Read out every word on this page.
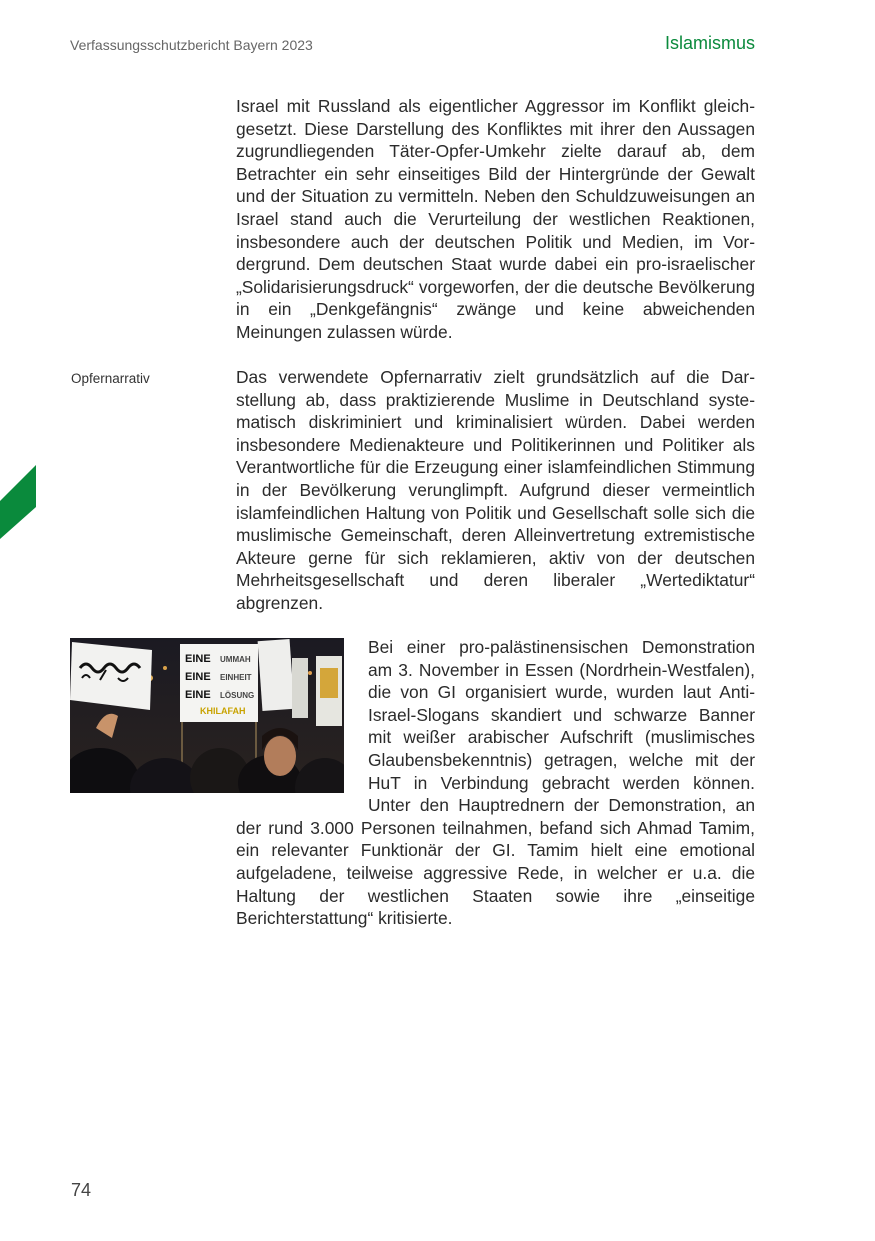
Verfassungsschutzbericht Bayern 2023	Islamismus

Israel mit Russland als eigentlicher Aggressor im Konflikt gleichgesetzt. Diese Darstellung des Konfliktes mit ihrer den Aussagen zugrundliegenden Täter-Opfer-Umkehr zielte darauf ab, dem Betrachter ein sehr einseitiges Bild der Hintergründe der Gewalt und der Situation zu vermitteln. Neben den Schuldzuweisungen an Israel stand auch die Verurteilung der westlichen Reaktionen, insbesondere auch der deutschen Politik und Medien, im Vordergrund. Dem deutschen Staat wurde dabei ein pro-israelischer „Solidarisierungsdruck“ vorgeworfen, der die deutsche Bevölkerung in ein „Denkgefängnis“ zwänge und keine abweichenden Meinungen zulassen würde.

Opfernarrativ	Das verwendete Opfernarrativ zielt grundsätzlich auf die Darstellung ab, dass praktizierende Muslime in Deutschland systematisch diskriminiert und kriminalisiert würden. Dabei werden insbesondere Medienakteure und Politikerinnen und Politiker als Verantwortliche für die Erzeugung einer islamfeindlichen Stimmung in der Bevölkerung verunglimpft. Aufgrund dieser vermeintlich islamfeindlichen Haltung von Politik und Gesellschaft solle sich die muslimische Gemeinschaft, deren Alleinvertretung extremistische Akteure gerne für sich reklamieren, aktiv von der deutschen Mehrheitsgesellschaft und deren liberaler „Wertediktatur“ abgrenzen.

EINE UMMAH
EINE EINHEIT
EINE LÖSUNG
KHILAFAH
Bei einer pro-palästinensischen Demonstration am 3. November in Essen (Nordrhein-Westfalen), die von GI organisiert wurde, wurden laut Anti-Israel-Slogans skandiert und schwarze Banner mit weißer arabischer Aufschrift (muslimisches Glaubensbekenntnis) getragen, welche mit der HuT in Verbindung gebracht werden können. Unter den Hauptrednern der Demonstration, an der rund 3.000 Personen teilnahmen, befand sich Ahmad Tamim, ein relevanter Funktionär der GI. Tamim hielt eine emotional aufgeladene, teilweise aggressive Rede, in welcher er u.a. die Haltung der westlichen Staaten sowie ihre „einseitige Berichterstattung“ kritisierte.
74
